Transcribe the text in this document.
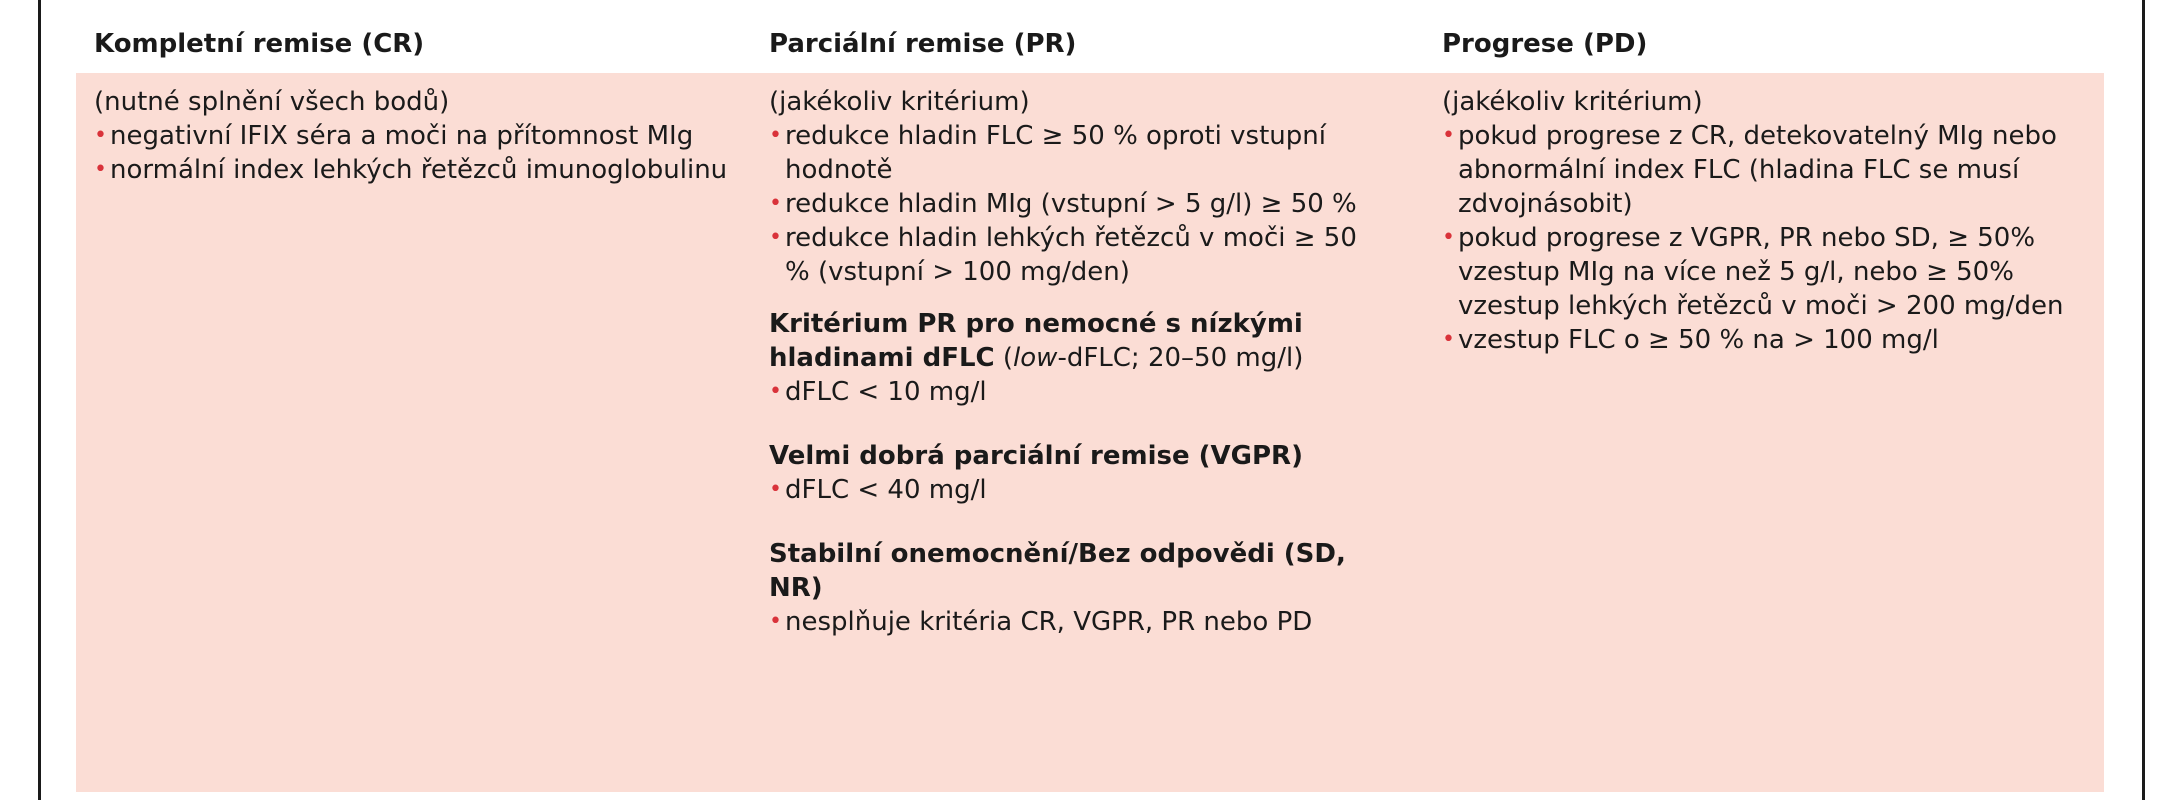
Kompletní remise (CR)	Parciální remise (PR)	Progrese (PD)

(nutné splnění všech bodů)

• negativní IFIX séra a moči na přítomnost MIg
• normální index lehkých řetězců imunoglobulinu

(jakékoliv kritérium)

• redukce hladin FLC ≥ 50 % oproti vstupní hodnotě
• redukce hladin MIg (vstupní > 5 g/l) ≥ 50 %
• redukce hladin lehkých řetězců v moči ≥ 50 % (vstupní > 100 mg/den)
Kritérium PR pro nemocné s nízkými hladinami dFLC (low-dFLC; 20–50 mg/l)
• dFLC < 10 mg/l
Velmi dobrá parciální remise (VGPR)
• dFLC < 40 mg/l
Stabilní onemocnění/Bez odpovědi (SD, NR)
• nesplňuje kritéria CR, VGPR, PR nebo PD

(jakékoliv kritérium)

• pokud progrese z CR, detekovatelný MIg nebo abnormální index FLC (hladina FLC se musí zdvojnásobit)
• pokud progrese z VGPR, PR nebo SD, ≥ 50% vzestup MIg na více než 5 g/l, nebo ≥ 50% vzestup lehkých řetězců v moči > 200 mg/den
• vzestup FLC o ≥ 50 % na > 100 mg/l
